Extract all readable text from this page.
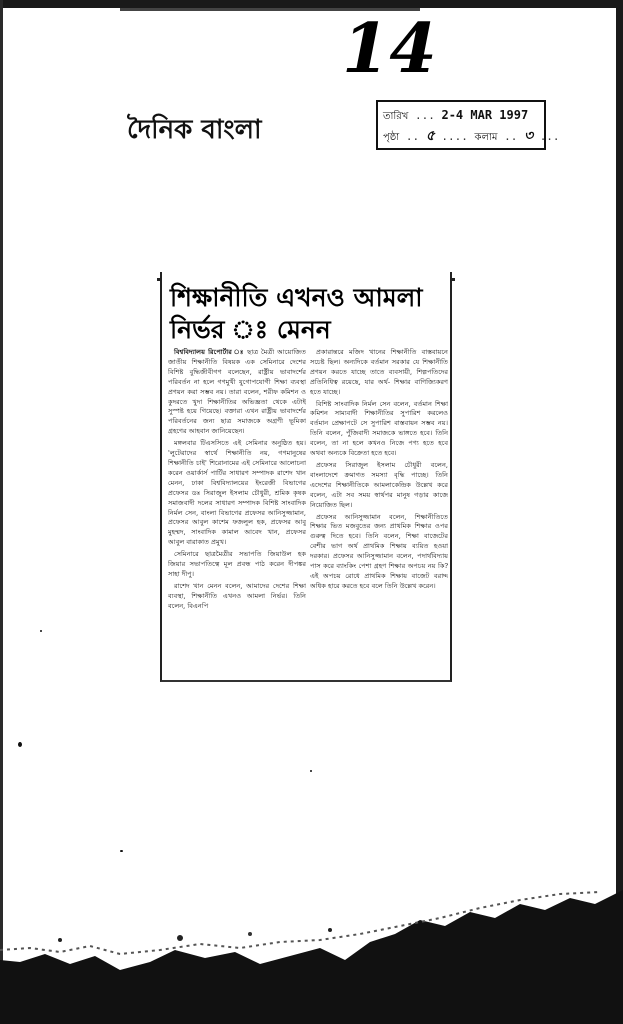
14
দৈনিক বাংলা	তারিখ ... 2-4 MAR 1997
পৃষ্ঠা .. ৫ .... কলাম .. ৩ ...
শিক্ষানীতি এখনও আমলা
নির্ভর ঃ মেনন

বিশ্ববিদ্যালয় রিপোর্টার ঃ ছাত্র মৈত্রী আয়োজিত জাতীয় শিক্ষানীতি বিষয়ক এক সেমিনারে দেশের বিশিষ্ট বুদ্ধিজীবীগণ বলেছেন, রাষ্ট্রীয় ভাবাদর্শের পরিবর্তন না হলে গণমুখী যুগোপযোগী শিক্ষা ব্যবস্থা প্রণয়ন করা সম্ভব নয়। তারা বলেন, শরীফ কমিশন ও কুদরতে খুদা শিক্ষানীতির অভিজ্ঞতা থেকে এটাই সুস্পষ্ট হয়ে গিয়েছে। বক্তারা এখন রাষ্ট্রীয় ভাবাদর্শের পরিবর্তনের জন্য ছাত্র সমাজকে অগ্রণী ভূমিকা গ্রহণের আহবান জানিয়েছেন।

মঙ্গলবার টিএসসিতে এই সেমিনার অনুষ্ঠিত হয়। 'লুটেরাদের স্বার্থে শিক্ষানীতি নয়, গণমানুষের শিক্ষানীতি চাই' শিরোনামের এই সেমিনারে আলোচনা করেন ওয়ার্কার্স পার্টির সাধারণ সম্পাদক রাশেদ খান মেনন, ঢাকা বিশ্ববিদ্যালয়ের ইংরেজী বিভাগের প্রফেসর ডঃ সিরাজুল ইসলাম চৌধুরী, শ্রমিক কৃষক সমাজবাদী দলের সাধারণ সম্পাদক বিশিষ্ট সাংবাদিক নির্মল সেন, বাংলা বিভাগের প্রফেসর আনিসুজ্জামান, প্রফেসর আবুল কাশেম ফজলুল হক, প্রফেসর আবু মুহম্মদ, সাংবাদিক কামাল আবেদ খান, প্রফেসর আবুল বারাকাত প্রমুখ।

সেমিনারে ছাত্রমৈত্রীর সভাপতি জিয়াউল হক জিয়ার সভাপতিত্বে মূল প্রবন্ধ পাঠ করেন দীপঙ্কর সাহা দীপু।

রাশেদ খান মেনন বলেন, আমাদের দেশের শিক্ষা ব্যবস্থা, শিক্ষানীতি এখনও আমলা নির্ভর। তিনি বলেন, বিএনপি

প্রকারান্তরে মজিদ খানের শিক্ষানীতি বাস্তবায়নে সচেষ্ট ছিল। অন্যদিকে বর্তমান সরকার যে শিক্ষানীতি প্রণয়ন করতে যাচ্ছে তাতে ব্যবসায়ী, শিল্পপতিদের প্রতিনিধিত্ব রয়েছে, যার অর্থ- শিক্ষার বাণিজ্যিকরণ হতে যাচ্ছে।

বিশিষ্ট সাংবাদিক নির্মল সেন বলেন, বর্তমান শিক্ষা কমিশন সাম্যবাদী শিক্ষানীতির সুপারিশ করলেও বর্তমান প্রেক্ষাপটে সে সুপারিশ বাস্তবায়ন সম্ভব নয়। তিনি বলেন, পুঁজিবাদী সমাজকে ভাঙ্গতে হবে। তিনি বলেন, তা না হলে কখনও নিজে পণ্য হতে হবে অথবা অন্যকে বিক্রেতা হতে হবে।

প্রফেসর সিরাজুল ইসলাম চৌধুরী বলেন, বাংলাদেশে ক্রমাগত সমস্যা বৃদ্ধি পাচ্ছে। তিনি এদেশের শিক্ষানীতিকে আমলাকেন্দ্রিক উল্লেখ করে বলেন, এটা সব সময় স্বার্থপর মানুষ গড়ার কাজে নিয়োজিত ছিল।

প্রফেসর আনিসুজ্জামান বলেন, শিক্ষানীতিতে শিক্ষার ভিত মজবুতের জন্য প্রাথমিক শিক্ষার ওপর গুরুত্ব দিতে হবে। তিনি বলেন, শিক্ষা বাজেটের বেশীর ভাগ অর্থ প্রাথমিক শিক্ষায় ব্যয়িত হওয়া দরকার। প্রফেসর আনিসুজ্জামান বলেন, পদার্থবিদ্যায় পাস করে ব্যাংকিং পেশা গ্রহণ শিক্ষার অপচয় নয় কি? এই অপচয় রোধে প্রাথমিক শিক্ষায় বাজেট বরাদ্দ অধিক হারে করতে হবে বলে তিনি উল্লেখ করেন।
